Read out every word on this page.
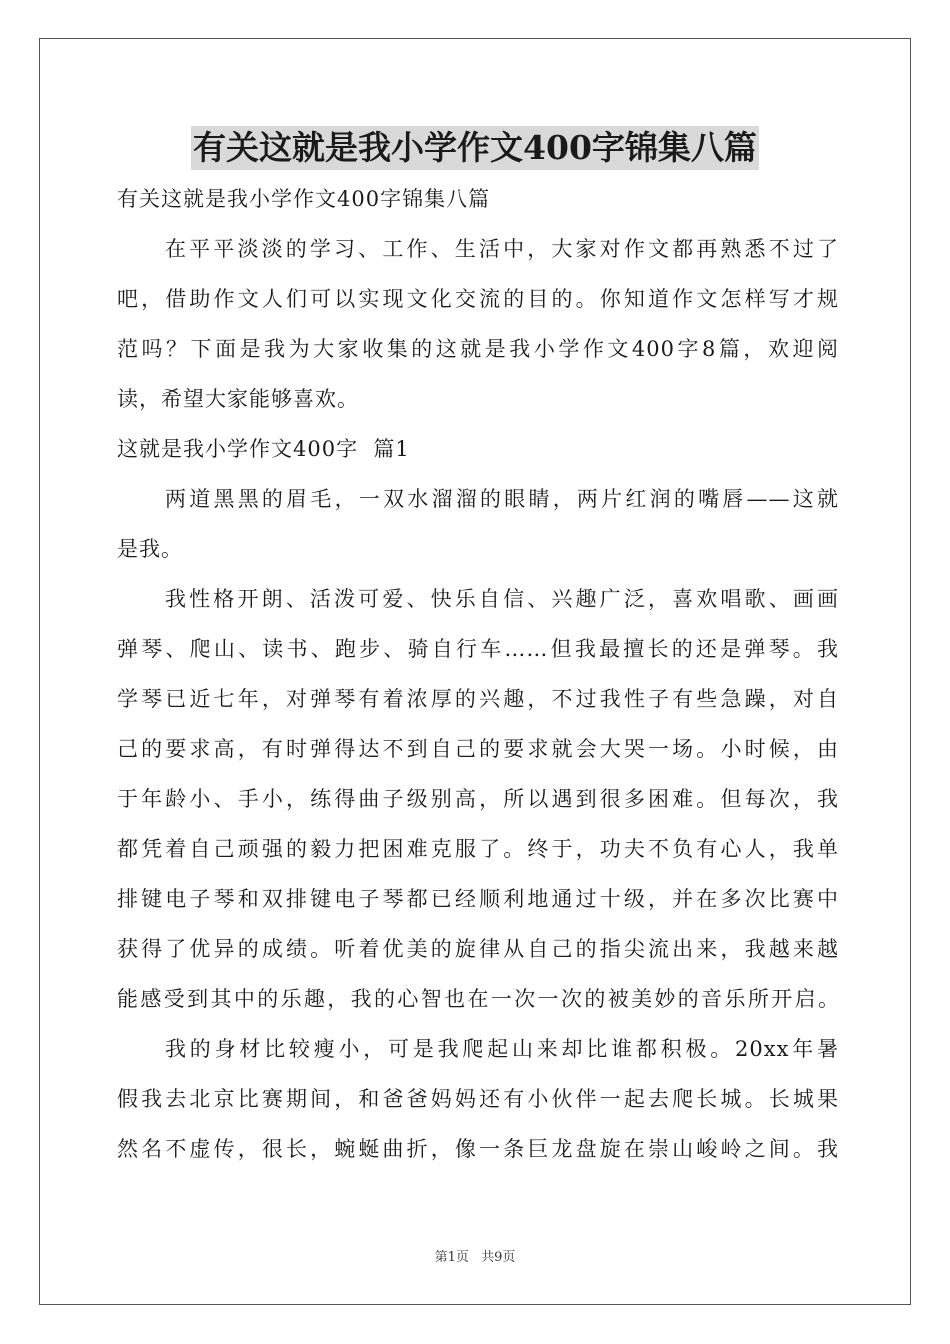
有关这就是我小学作文400字锦集八篇
有关这就是我小学作文400字锦集八篇
在平平淡淡的学习、工作、生活中，大家对作文都再熟悉不过了
吧，借助作文人们可以实现文化交流的目的。你知道作文怎样写才规
范吗？下面是我为大家收集的这就是我小学作文400字8篇，欢迎阅
读，希望大家能够喜欢。
这就是我小学作文400字  篇1
两道黑黑的眉毛，一双水溜溜的眼睛，两片红润的嘴唇——这就
是我。
我性格开朗、活泼可爱、快乐自信、兴趣广泛，喜欢唱歌、画画
弹琴、爬山、读书、跑步、骑自行车……但我最擅长的还是弹琴。我
学琴已近七年，对弹琴有着浓厚的兴趣，不过我性子有些急躁，对自
己的要求高，有时弹得达不到自己的要求就会大哭一场。小时候，由
于年龄小、手小，练得曲子级别高，所以遇到很多困难。但每次，我
都凭着自己顽强的毅力把困难克服了。终于，功夫不负有心人，我单
排键电子琴和双排键电子琴都已经顺利地通过十级，并在多次比赛中
获得了优异的成绩。听着优美的旋律从自己的指尖流出来，我越来越
能感受到其中的乐趣，我的心智也在一次一次的被美妙的音乐所开启。
我的身材比较瘦小，可是我爬起山来却比谁都积极。20xx年暑
假我去北京比赛期间，和爸爸妈妈还有小伙伴一起去爬长城。长城果
然名不虚传，很长，蜿蜒曲折，像一条巨龙盘旋在崇山峻岭之间。我
第1页 共9页
